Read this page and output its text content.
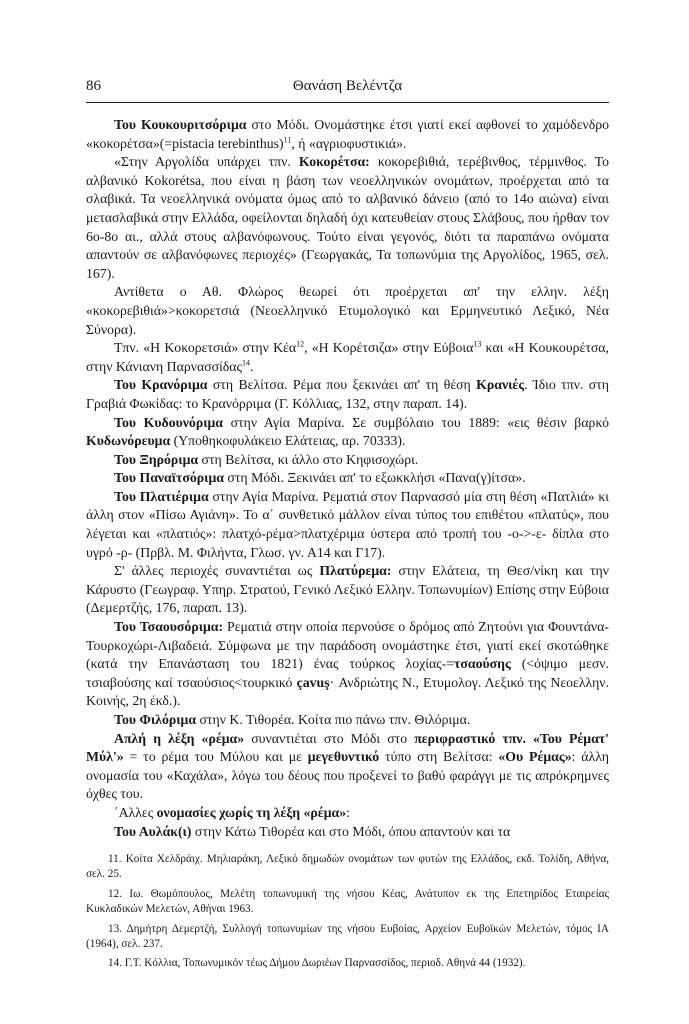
86	Θανάση Βελέντζα

Του Κουκουριτσόριμα στο Μόδι. Ονομάστηκε έτσι γιατί εκεί αφθονεί το χαμόδενδρο «κοκορέτσα»(=pistacia terebinthus)$^{11}$, ή «αγριοφυστικιά».

«Στην Αργολίδα υπάρχει τπν. Κοκορέτσα: κοκορεβιθιά, τερέβινθος, τέρμινθος. Το αλβανικό Kokorétsa, που είναι η βάση των νεοελληνικών ονομάτων, προέρχεται από τα σλαβικά. Τα νεοελληνικά ονόματα όμως από το αλβανικό δάνειο (από το 14ο αιώνα) είναι μετασλαβικά στην Ελλάδα, οφείλονται δηλαδή όχι κατευθείαν στους Σλάβους, που ήρθαν τον 6ο-8ο αι., αλλά στους αλβανόφωνους. Τούτο είναι γεγονός, διότι τα παραπάνω ονόματα απαντούν σε αλβανόφωνες περιοχές» (Γεωργακάς, Τα τοπωνύμια της Αργολίδος, 1965, σελ. 167).

Αντίθετα ο Αθ. Φλώρος θεωρεί ότι προέρχεται απ' την ελλην. λέξη «κοκορεβιθιά»>κοκορετσιά (Νεοελληνικό Ετυμολογικό και Ερμηνευτικό Λεξικό, Νέα Σύνορα).

Τπν. «Η Κοκορετσιά» στην Κέα$^{12}$, «Η Κορέτσιζα» στην Εύβοια$^{13}$ και «Η Κουκουρέτσα, στην Κάνιανη Παρνασσίδας$^{14}$.

Του Κρανόριμα στη Βελίτσα. Ρέμα που ξεκινάει απ' τη θέση Κρανιές. Ίδιο τπν. στη Γραβιά Φωκίδας: το Κρανόρριμα (Γ. Κόλλιας, 132, στην παραπ. 14).

Του Κυδουνόριμα στην Αγία Μαρίνα. Σε συμβόλαιο του 1889: «εις θέσιν βαρκό Κυδωνόρευμα (Υποθηκοφυλάκειο Ελάτειας, αρ. 70333).

Του Ξηρόριμα στη Βελίτσα, κι άλλο στο Κηφισοχώρι.

Του Παναϊτσόριμα στη Μόδι. Ξεκινάει απ' το εξωκκλήσι «Πανα(γ)ίτσα».

Του Πλατιέριμα στην Αγία Μαρίνα. Ρεματιά στον Παρνασσό μία στη θέση «Πατλιά» κι άλλη στον «Πίσω Αγιάνη». Το α΄ συνθετικό μάλλον είναι τύπος του επιθέτου «πλατύς», που λέγεται και «πλατιός»: πλατχό-ρέμα>πλατχέριμα ύστερα από τροπή του -ο->-ε- δίπλα στο υγρό -ρ- (Πρβλ. Μ. Φιλήντα, Γλωσ. γν. Α14 και Γ17).

Σ' άλλες περιοχές συναντιέται ως Πλατύρεμα: στην Ελάτεια, τη Θεσ/νίκη και την Κάρυστο (Γεωγραφ. Υπηρ. Στρατού, Γενικό Λεξικό Ελλην. Τοπωνυμίων) Επίσης στην Εύβοια (Δεμερτζής, 176, παραπ. 13).

Του Τσαουσόριμα: Ρεματιά στην οποία περνούσε ο δρόμος από Ζητούνι για Φουντάνα-Τουρκοχώρι-Λιβαδειά. Σύμφωνα με την παράδοση ονομάστηκε έτσι, γιατί εκεί σκοτώθηκε (κατά την Επανάσταση του 1821) ένας τούρκος λοχίας-=τσαούσης (<όψιμο μεσν. τσιαβούσης καί τσαούσιος<τουρκικό çavuş· Ανδριώτης Ν., Ετυμολογ. Λεξικό της Νεοελλην. Κοινής, 2η έκδ.).

Του Φιλόριμα στην Κ. Τιθορέα. Κοίτα πιο πάνω τπν. Θιλόριμα.

Απλή η λέξη «ρέμα» συναντιέται στο Μόδι στο περιφραστικό τπν. «Του Ρέματ' Μύλ'» = το ρέμα του Μύλου και με μεγεθυντικό τύπο στη Βελίτσα: «Ου Ρέμας»: άλλη ονομασία του «Καχάλα», λόγω του δέους που προξενεί το βαθύ φαράγγι με τις απρόκρημνες όχθες του.

΄Αλλες ονομασίες χωρίς τη λέξη «ρέμα»:

Του Αυλάκ(ι) στην Κάτω Τιθορέα και στο Μόδι, όπου απαντούν και τα

11. Κοίτα Χελδράιχ. Μηλιαράκη, Λεξικό δημωδών ονομάτων των φυτών της Ελλάδος, εκδ. Τολίδη, Αθήνα, σελ. 25.

12. Ιω. Θωμόπουλος, Μελέτη τοπωνυμική της νήσου Κέας, Ανάτυπον εκ της Επετηρίδος Εταιρείας Κυκλαδικών Μελετών, Αθήναι 1963.

13. Δημήτρη Δεμερτζή, Συλλογή τοπωνυμίων της νήσου Ευβοίας, Αρχείον Ευβοϊκών Μελετών, τόμος ΙΑ (1964), σελ. 237.

14. Γ.Τ. Κόλλια, Τοπωνυμικόν τέως Δήμου Δωριέων Παρνασσίδος, περιοδ. Αθηνά 44 (1932).
